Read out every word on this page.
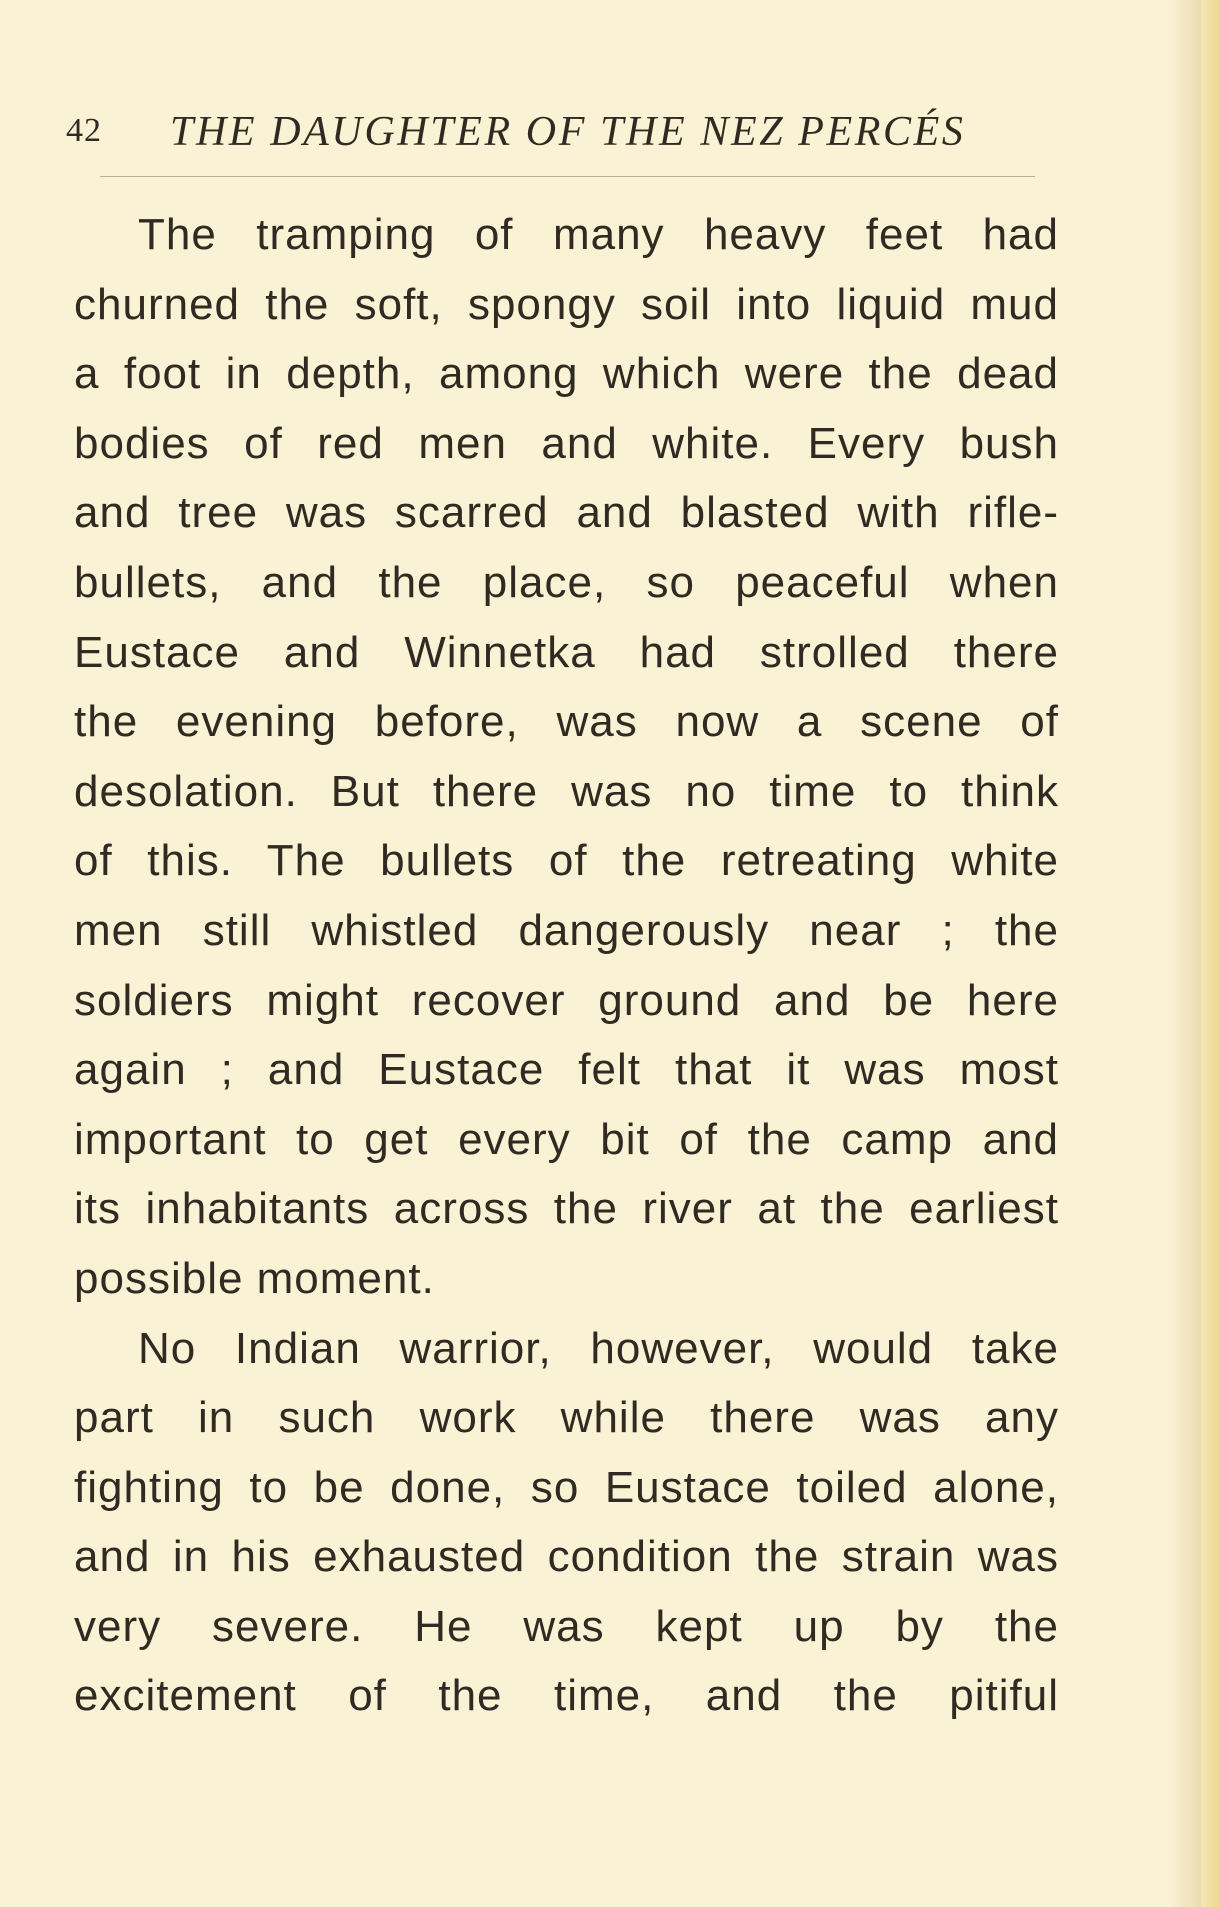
42 THE DAUGHTER OF THE NEZ PERCÉS
The tramping of many heavy feet had
churned the soft, spongy soil into liquid mud
a foot in depth, among which were the dead
bodies of red men and white. Every bush
and tree was scarred and blasted with rifle-
bullets, and the place, so peaceful when
Eustace and Winnetka had strolled there
the evening before, was now a scene of
desolation. But there was no time to think
of this. The bullets of the retreating white
men still whistled dangerously near ; the
soldiers might recover ground and be here
again ; and Eustace felt that it was most
important to get every bit of the camp and
its inhabitants across the river at the earliest
possible moment.
No Indian warrior, however, would take
part in such work while there was any
fighting to be done, so Eustace toiled alone,
and in his exhausted condition the strain was
very severe. He was kept up by the
excitement of the time, and the pitiful
